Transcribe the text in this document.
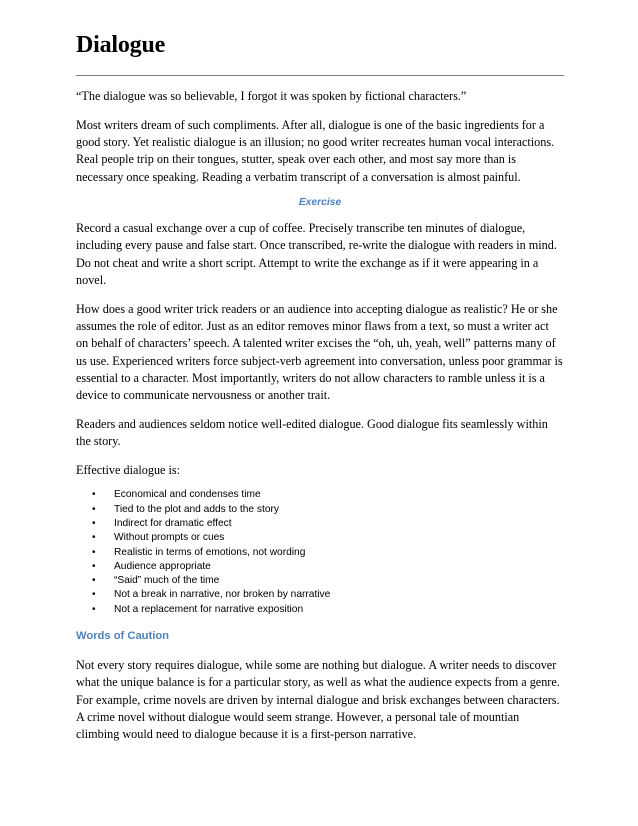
Dialogue

“The dialogue was so believable, I forgot it was spoken by fictional characters.”

Most writers dream of such compliments. After all, dialogue is one of the basic ingredients for a good story. Yet realistic dialogue is an illusion; no good writer recreates human vocal interactions. Real people trip on their tongues, stutter, speak over each other, and most say more than is necessary once speaking. Reading a verbatim transcript of a conversation is almost painful.

Exercise

Record a casual exchange over a cup of coffee. Precisely transcribe ten minutes of dialogue, including every pause and false start. Once transcribed, re-write the dialogue with readers in mind. Do not cheat and write a short script. Attempt to write the exchange as if it were appearing in a novel.

How does a good writer trick readers or an audience into accepting dialogue as realistic? He or she assumes the role of editor. Just as an editor removes minor flaws from a text, so must a writer act on behalf of characters’ speech. A talented writer excises the “oh, uh, yeah, well” patterns many of us use. Experienced writers force subject-verb agreement into conversation, unless poor grammar is essential to a character. Most importantly, writers do not allow characters to ramble unless it is a device to communicate nervousness or another trait.

Readers and audiences seldom notice well-edited dialogue. Good dialogue fits seamlessly within the story.

Effective dialogue is:

• Economical and condenses time
• Tied to the plot and adds to the story
• Indirect for dramatic effect
• Without prompts or cues
• Realistic in terms of emotions, not wording
• Audience appropriate
• “Said” much of the time
• Not a break in narrative, nor broken by narrative
• Not a replacement for narrative exposition

Words of Caution

Not every story requires dialogue, while some are nothing but dialogue. A writer needs to discover what the unique balance is for a particular story, as well as what the audience expects from a genre. For example, crime novels are driven by internal dialogue and brisk exchanges between characters. A crime novel without dialogue would seem strange. However, a personal tale of mountian climbing would need to dialogue because it is a first-person narrative.
